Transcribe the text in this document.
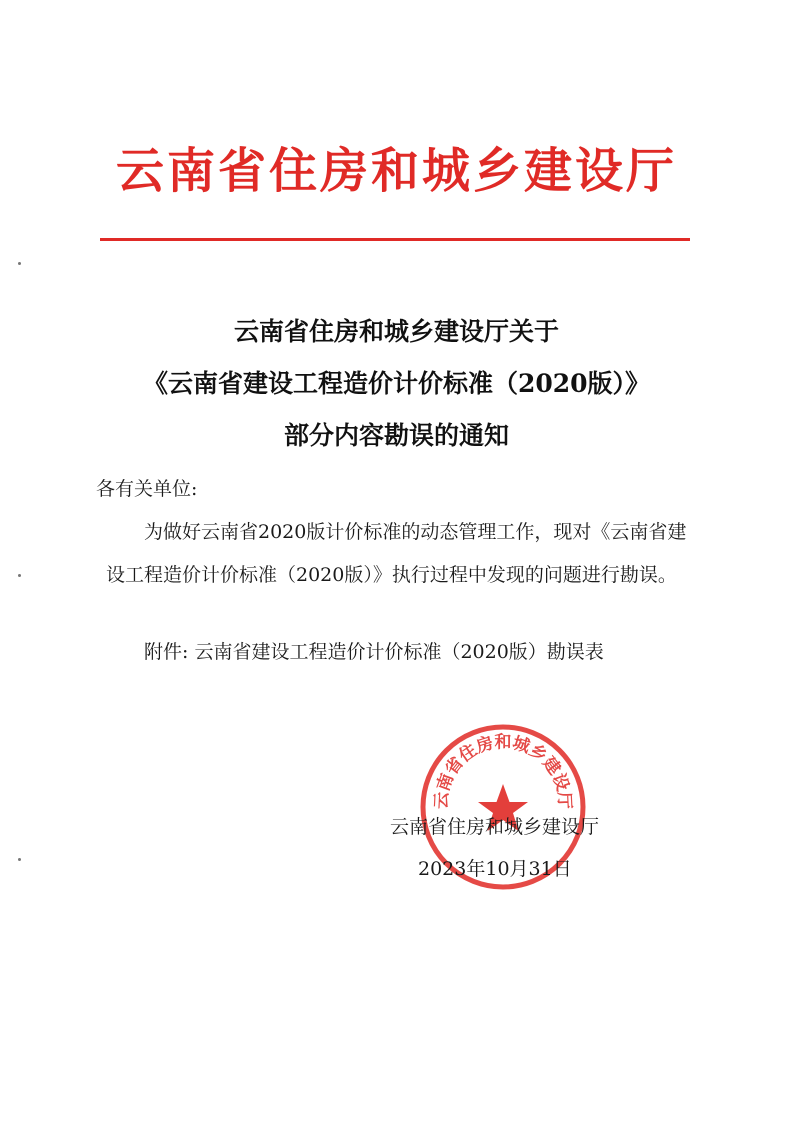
云南省住房和城乡建设厅
云南省住房和城乡建设厅关于
《云南省建设工程造价计价标准（2020版）》
部分内容勘误的通知

各有关单位:

为做好云南省2020版计价标准的动态管理工作，现对《云南省建设工程造价计价标准（2020版）》执行过程中发现的问题进行勘误。

附件: 云南省建设工程造价计价标准（2020版）勘误表

云南省住房和城乡建设厅
云南省住房和城乡建设厅
2023年10月31日
